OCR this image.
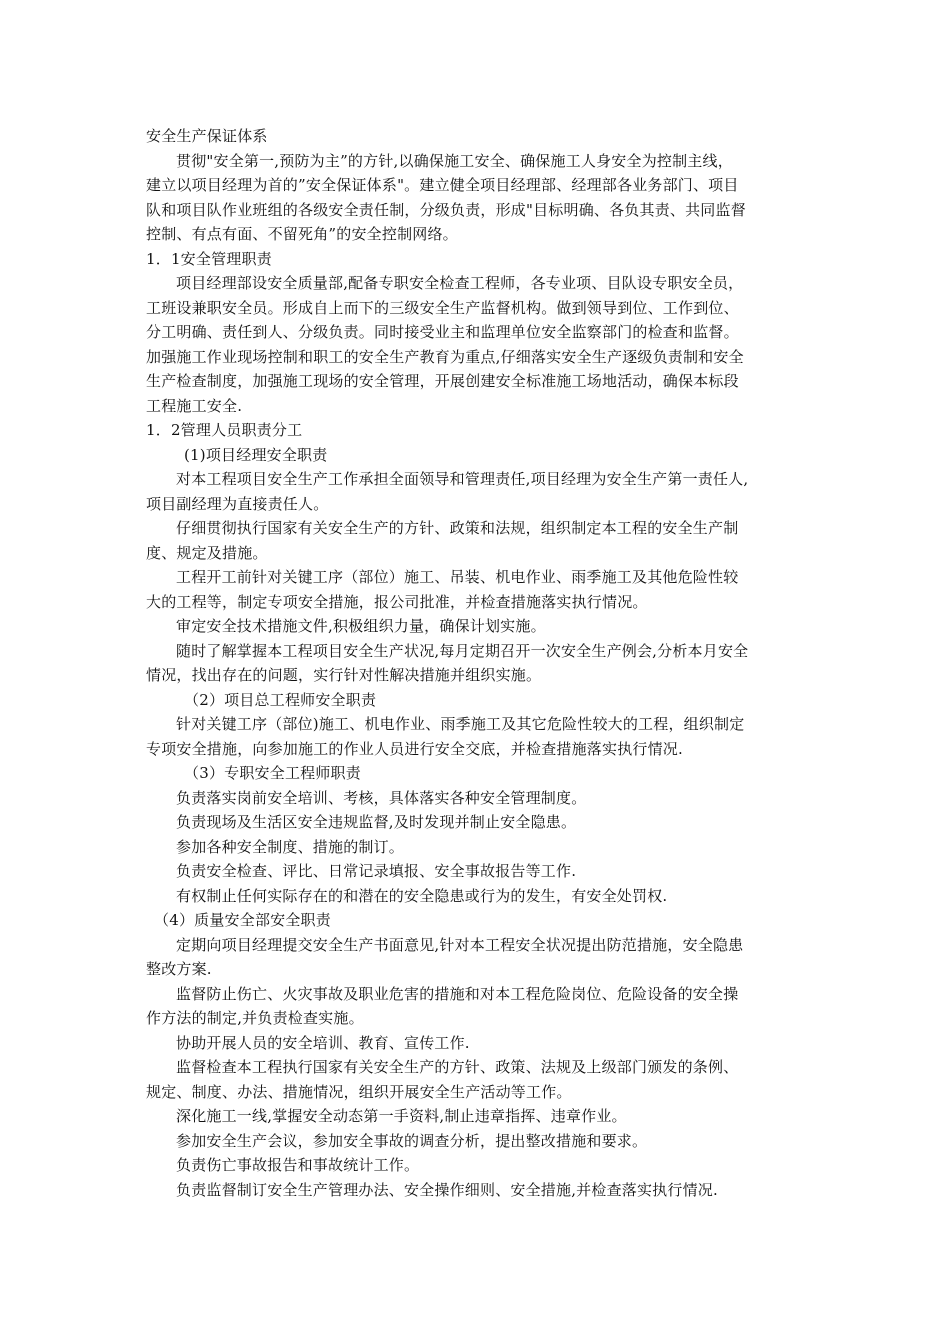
安全生产保证体系
贯彻"安全第一,预防为主”的方针,以确保施工安全、确保施工人身安全为控制主线，
建立以项目经理为首的”安全保证体系"。建立健全项目经理部、经理部各业务部门、项目
队和项目队作业班组的各级安全责任制，分级负责，形成"目标明确、各负其责、共同监督
控制、有点有面、不留死角”的安全控制网络。
1．1安全管理职责
项目经理部设安全质量部,配备专职安全检查工程师，各专业项、目队设专职安全员，
工班设兼职安全员。形成自上而下的三级安全生产监督机构。做到领导到位、工作到位、
分工明确、责任到人、分级负责。同时接受业主和监理单位安全监察部门的检查和监督。
加强施工作业现场控制和职工的安全生产教育为重点,仔细落实安全生产逐级负责制和安全
生产检查制度，加强施工现场的安全管理，开展创建安全标准施工场地活动，确保本标段
工程施工安全.
1．2管理人员职责分工
(1)项目经理安全职责
对本工程项目安全生产工作承担全面领导和管理责任,项目经理为安全生产第一责任人,
项目副经理为直接责任人。
仔细贯彻执行国家有关安全生产的方针、政策和法规，组织制定本工程的安全生产制
度、规定及措施。
工程开工前针对关键工序（部位）施工、吊装、机电作业、雨季施工及其他危险性较
大的工程等，制定专项安全措施，报公司批准，并检查措施落实执行情况。
审定安全技术措施文件,积极组织力量，确保计划实施。
随时了解掌握本工程项目安全生产状况,每月定期召开一次安全生产例会,分析本月安全
情况，找出存在的问题，实行针对性解决措施并组织实施。
（2）项目总工程师安全职责
针对关键工序（部位)施工、机电作业、雨季施工及其它危险性较大的工程，组织制定
专项安全措施，向参加施工的作业人员进行安全交底，并检查措施落实执行情况.
（3）专职安全工程师职责
负责落实岗前安全培训、考核，具体落实各种安全管理制度。
负责现场及生活区安全违规监督,及时发现并制止安全隐患。
参加各种安全制度、措施的制订。
负责安全检查、评比、日常记录填报、安全事故报告等工作.
有权制止任何实际存在的和潜在的安全隐患或行为的发生，有安全处罚权.
（4）质量安全部安全职责
定期向项目经理提交安全生产书面意见,针对本工程安全状况提出防范措施，安全隐患
整改方案.
监督防止伤亡、火灾事故及职业危害的措施和对本工程危险岗位、危险设备的安全操
作方法的制定,并负责检查实施。
协助开展人员的安全培训、教育、宣传工作.
监督检查本工程执行国家有关安全生产的方针、政策、法规及上级部门颁发的条例、
规定、制度、办法、措施情况，组织开展安全生产活动等工作。
深化施工一线,掌握安全动态第一手资料,制止违章指挥、违章作业。
参加安全生产会议，参加安全事故的调查分析，提出整改措施和要求。
负责伤亡事故报告和事故统计工作。
负责监督制订安全生产管理办法、安全操作细则、安全措施,并检查落实执行情况.
